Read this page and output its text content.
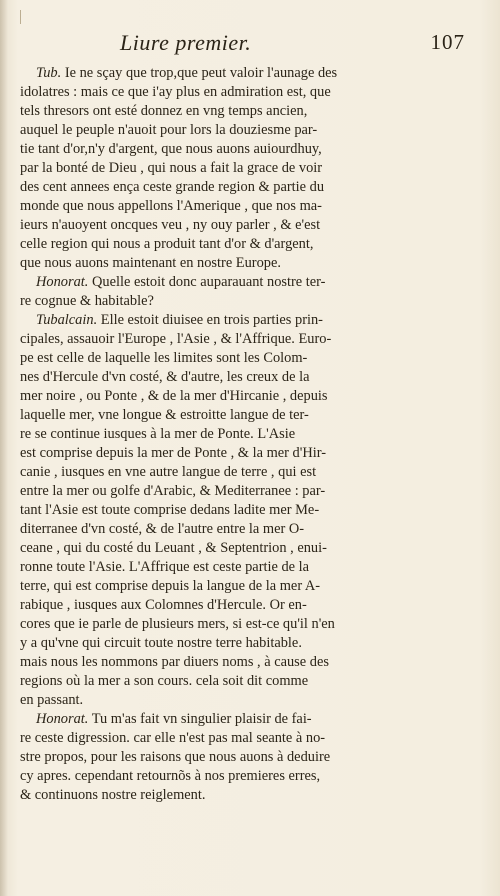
Liure premier.	107
Tub. Ie ne sçay que trop,que peut valoir l'aunage des
idolatres : mais ce que i'ay plus en admiration est, que
tels thresors ont esté donnez en vng temps ancien,
auquel le peuple n'auoit pour lors la douziesme par-
tie tant d'or,n'y d'argent, que nous auons auiourdhuy,
par la bonté de Dieu , qui nous a fait la grace de voir
des cent annees ença ceste grande region & partie du
monde que nous appellons l'Amerique , que nos ma-
ieurs n'auoyent oncques veu , ny ouy parler , & e'est
celle region qui nous a produit tant d'or & d'argent,
que nous auons maintenant en nostre Europe.
Honorat. Quelle estoit donc auparauant nostre ter-
re cognue & habitable?
Tubalcain. Elle estoit diuisee en trois parties prin-
cipales, assauoir l'Europe , l'Asie , & l'Affrique. Euro-
pe est celle de laquelle les limites sont les Colom-
nes d'Hercule d'vn costé, & d'autre, les creux de la
mer noire , ou Ponte , & de la mer d'Hircanie , depuis
laquelle mer, vne longue & estroitte langue de ter-
re se continue iusques à la mer de Ponte. L'Asie
est comprise depuis la mer de Ponte , & la mer d'Hir-
canie , iusques en vne autre langue de terre , qui est
entre la mer ou golfe d'Arabic, & Mediterranee : par-
tant l'Asie est toute comprise dedans ladite mer Me-
diterranee d'vn costé, & de l'autre entre la mer O-
ceane , qui du costé du Leuant , & Septentrion , enui-
ronne toute l'Asie. L'Affrique est ceste partie de la
terre, qui est comprise depuis la langue de la mer A-
rabique , iusques aux Colomnes d'Hercule. Or en-
cores que ie parle de plusieurs mers, si est-ce qu'il n'en
y a qu'vne qui circuit toute nostre terre habitable.
mais nous les nommons par diuers noms , à cause des
regions où la mer a son cours. cela soit dit comme
en passant.
Honorat. Tu m'as fait vn singulier plaisir de fai-
re ceste digression. car elle n'est pas mal seante à no-
stre propos, pour les raisons que nous auons à deduire
cy apres. cependant retournõs à nos premieres erres,
& continuons nostre reiglement.
